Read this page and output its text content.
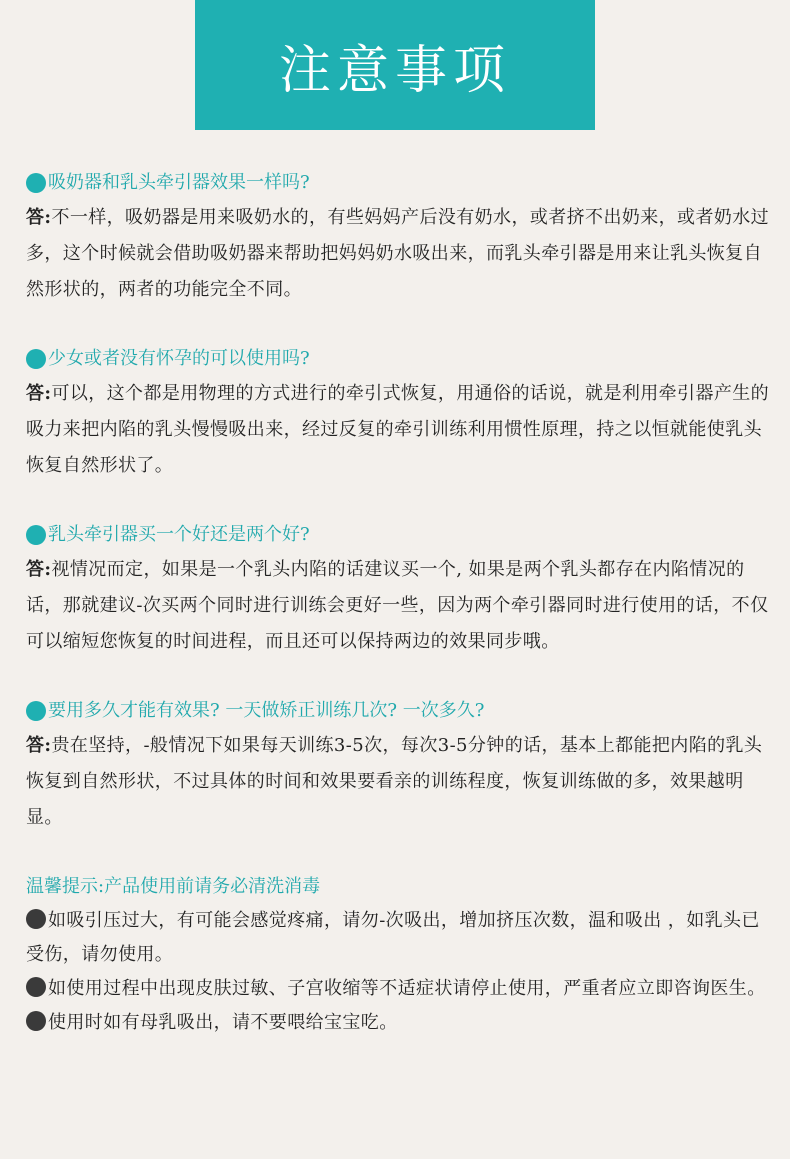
注意事项
吸奶器和乳头牵引器效果一样吗?
答:不一样，吸奶器是用来吸奶水的，有些妈妈产后没有奶水，或者挤不出奶来，或者奶水过多，这个时候就会借助吸奶器来帮助把妈妈奶水吸出来，而乳头牵引器是用来让乳头恢复自然形状的，两者的功能完全不同。
少女或者没有怀孕的可以使用吗?
答:可以，这个都是用物理的方式进行的牵引式恢复，用通俗的话说，就是利用牵引器产生的吸力来把内陷的乳头慢慢吸出来，经过反复的牵引训练利用惯性原理，持之以恒就能使乳头恢复自然形状了。
乳头牵引器买一个好还是两个好?
答:视情况而定，如果是一个乳头内陷的话建议买一个, 如果是两个乳头都存在内陷情况的话，那就建议-次买两个同时进行训练会更好一些，因为两个牵引器同时进行使用的话，不仅可以缩短您恢复的时间进程，而且还可以保持两边的效果同步哦。
要用多久才能有效果? 一天做矫正训练几次? 一次多久?
答:贵在坚持，-般情况下如果每天训练3-5次，每次3-5分钟的话，基本上都能把内陷的乳头恢复到自然形状，不过具体的时间和效果要看亲的训练程度，恢复训练做的多，效果越明显。
温馨提示:产品使用前请务必清洗消毒
如吸引压过大，有可能会感觉疼痛，请勿-次吸出，增加挤压次数，温和吸出 ，如乳头已受伤，请勿使用。
如使用过程中出现皮肤过敏、子宫收缩等不适症状请停止使用，严重者应立即咨询医生。
使用时如有母乳吸出，请不要喂给宝宝吃。
